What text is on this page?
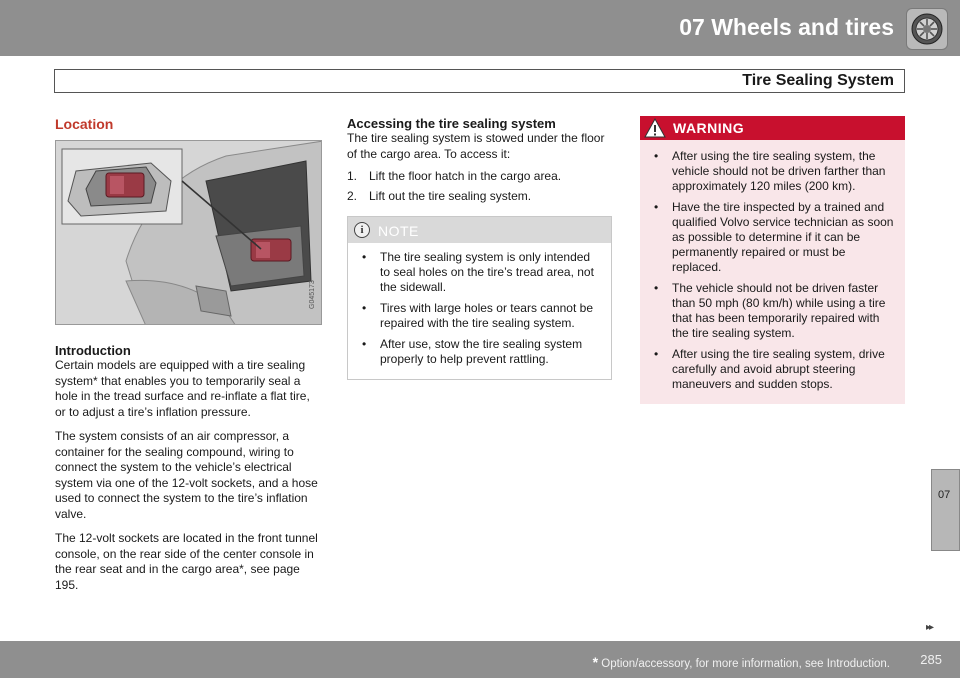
07 Wheels and tires
Tire Sealing System
Location
G045173
Introduction
Certain models are equipped with a tire sealing system* that enables you to temporarily seal a hole in the tread surface and re-inflate a flat tire, or to adjust a tire’s inflation pressure.
The system consists of an air compressor, a container for the sealing compound, wiring to connect the system to the vehicle’s electrical system via one of the 12-volt sockets, and a hose used to connect the system to the tire’s inflation valve.
The 12-volt sockets are located in the front tunnel console, on the rear side of the center console in the rear seat and in the cargo area*, see page 195.
Accessing the tire sealing system
The tire sealing system is stowed under the floor of the cargo area. To access it:
1. Lift the floor hatch in the cargo area.
2. Lift out the tire sealing system.
i	NOTE
•	The tire sealing system is only intended to seal holes on the tire’s tread area, not the sidewall.
•	Tires with large holes or tears cannot be repaired with the tire sealing system.
•	After use, stow the tire sealing system properly to help prevent rattling.
WARNING
•	After using the tire sealing system, the vehicle should not be driven farther than approximately 120 miles (200 km).
•	Have the tire inspected by a trained and qualified Volvo service technician as soon as possible to determine if it can be permanently repaired or must be replaced.
•	The vehicle should not be driven faster than 50 mph (80 km/h) while using a tire that has been temporarily repaired with the tire sealing system.
•	After using the tire sealing system, drive carefully and avoid abrupt steering maneuvers and sudden stops.
07
▸▸
* Option/accessory, for more information, see Introduction. 285
